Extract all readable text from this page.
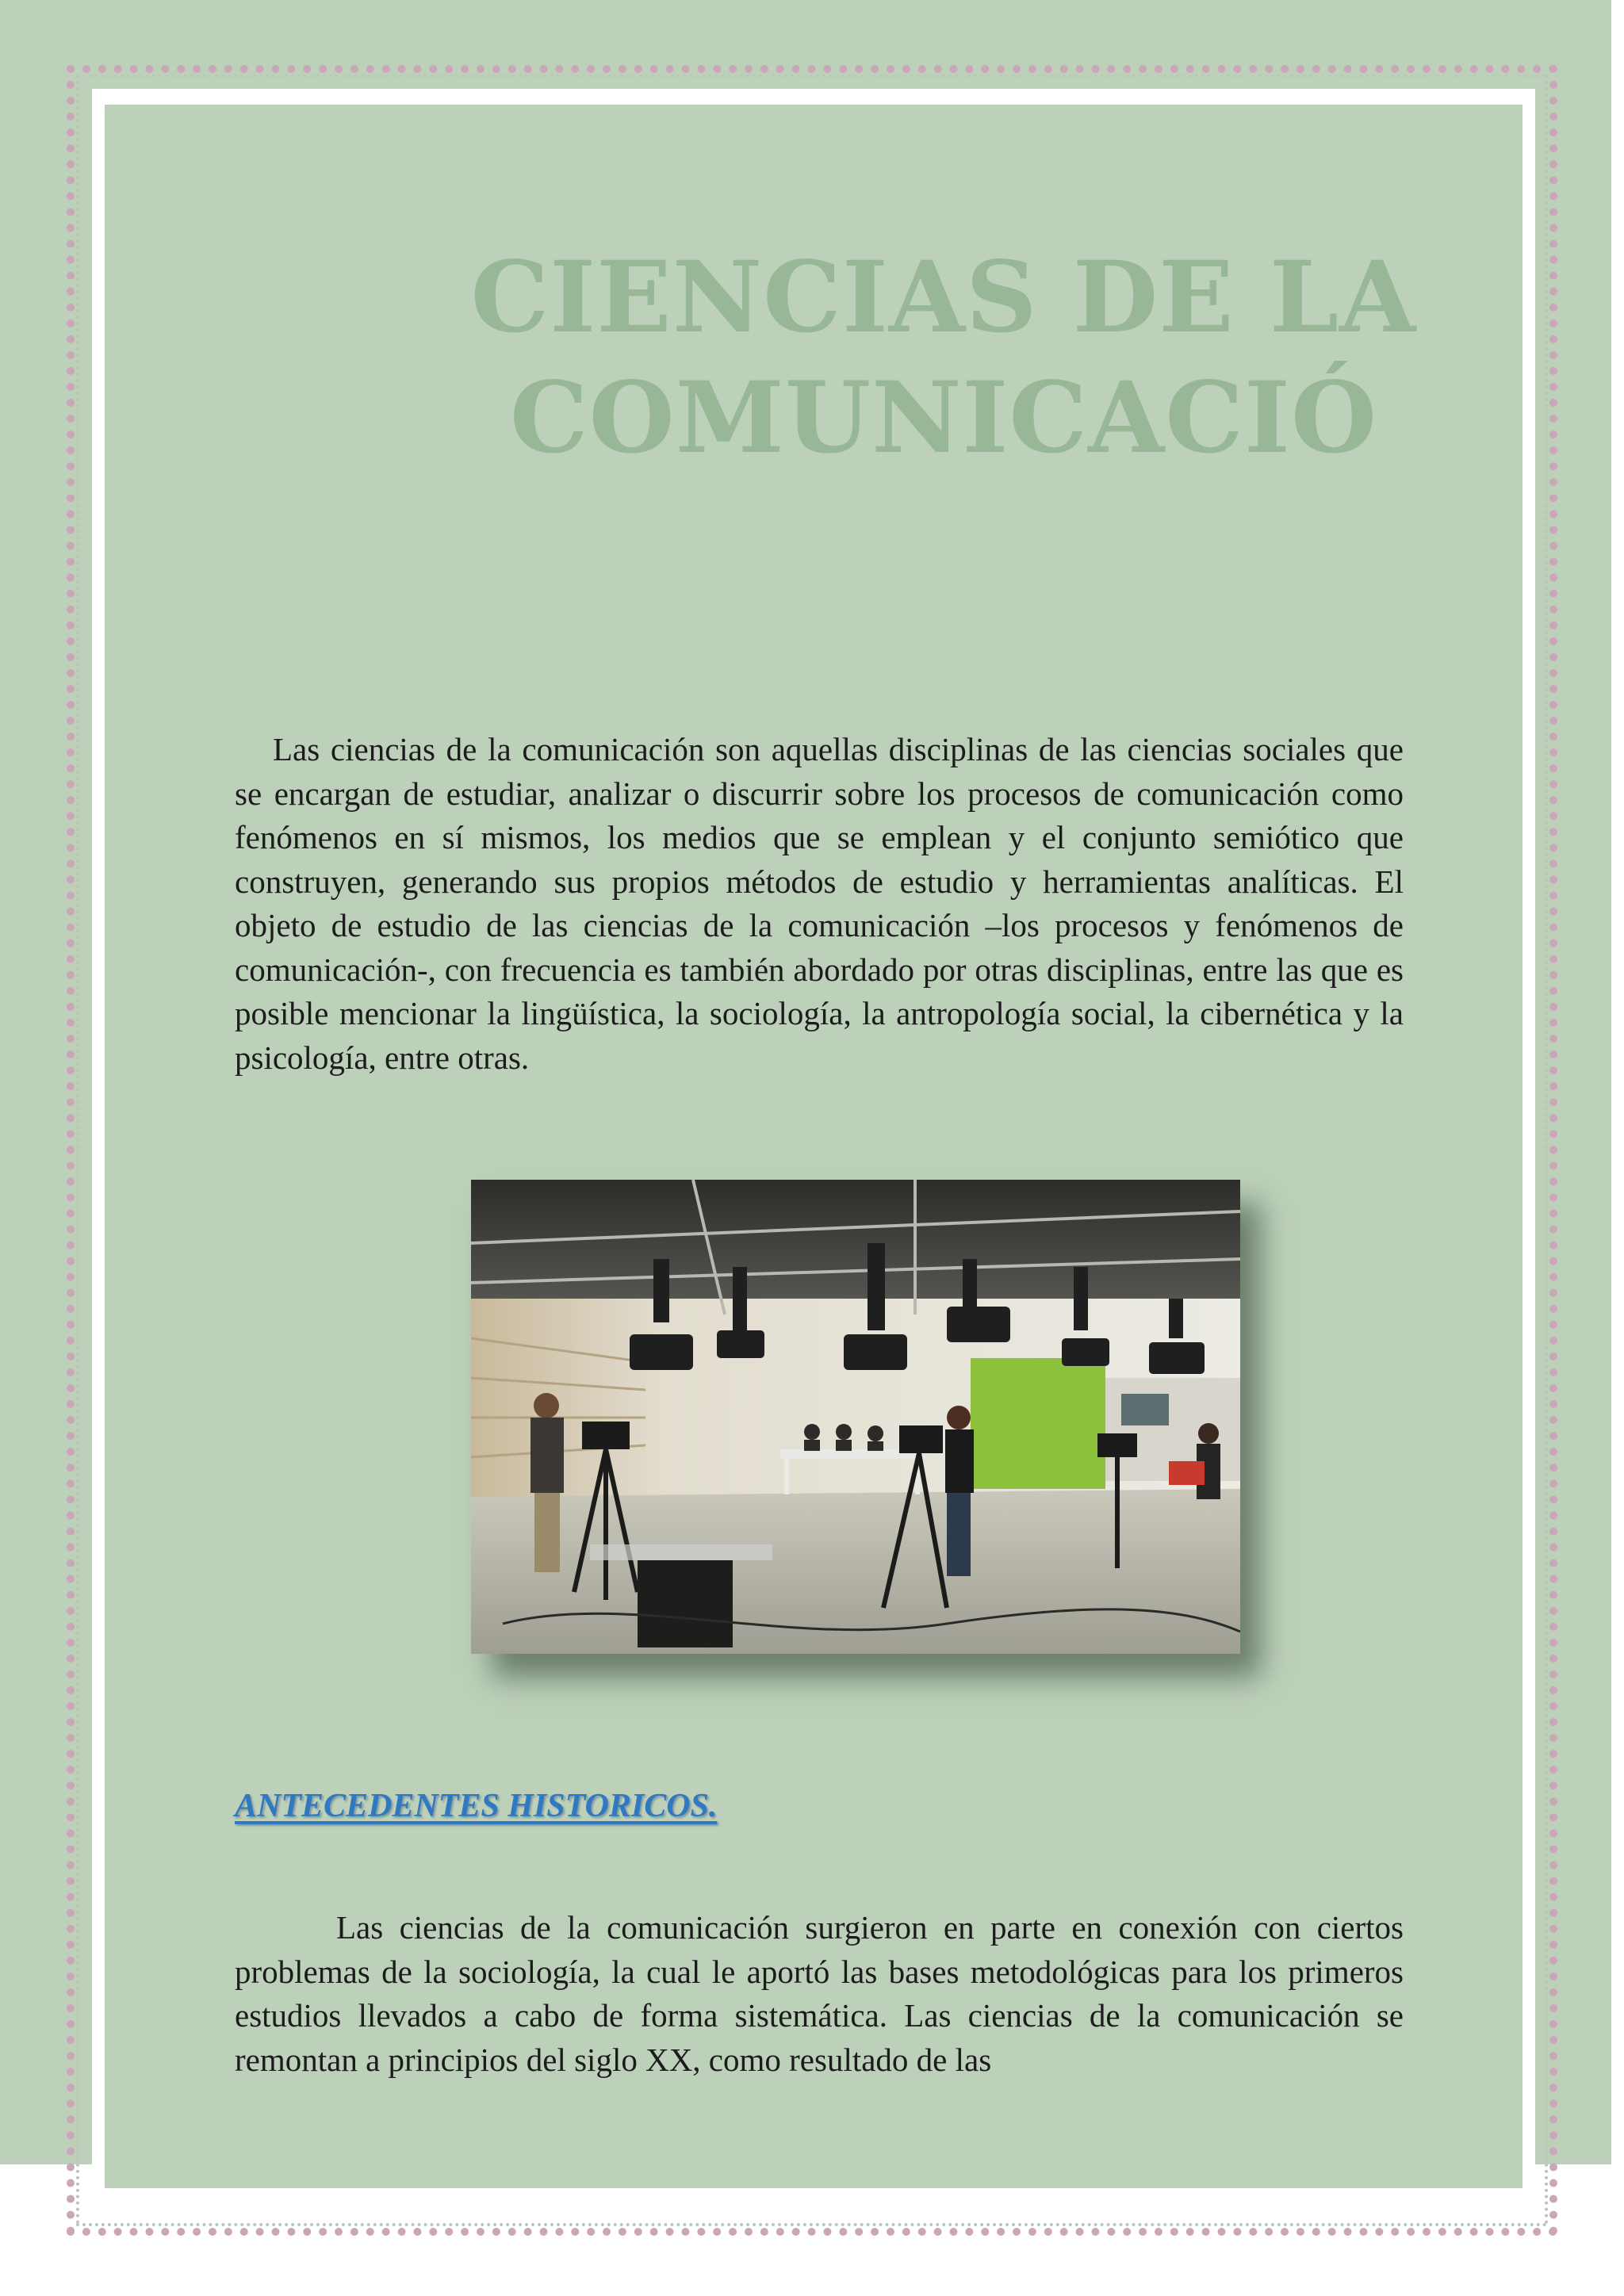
CIENCIAS DE LA COMUNICACIÓ

Las ciencias de la comunicación son aquellas disciplinas de las ciencias sociales que se encargan de estudiar, analizar o discurrir sobre los procesos de comunicación como fenómenos en sí mismos, los medios que se emplean y el conjunto semiótico que construyen, generando sus propios métodos de estudio y herramientas analíticas. El objeto de estudio de las ciencias de la comunicación –los procesos y fenómenos de comunicación-, con frecuencia es también abordado por otras disciplinas, entre las que es posible mencionar la lingüística, la sociología, la antropología social, la cibernética y la psicología, entre otras.

ANTECEDENTES HISTORICOS.

Las ciencias de la comunicación surgieron en parte en conexión con ciertos problemas de la sociología, la cual le aportó las bases metodológicas para los primeros estudios llevados a cabo de forma sistemática. Las ciencias de la comunicación se remontan a principios del siglo XX, como resultado de las
